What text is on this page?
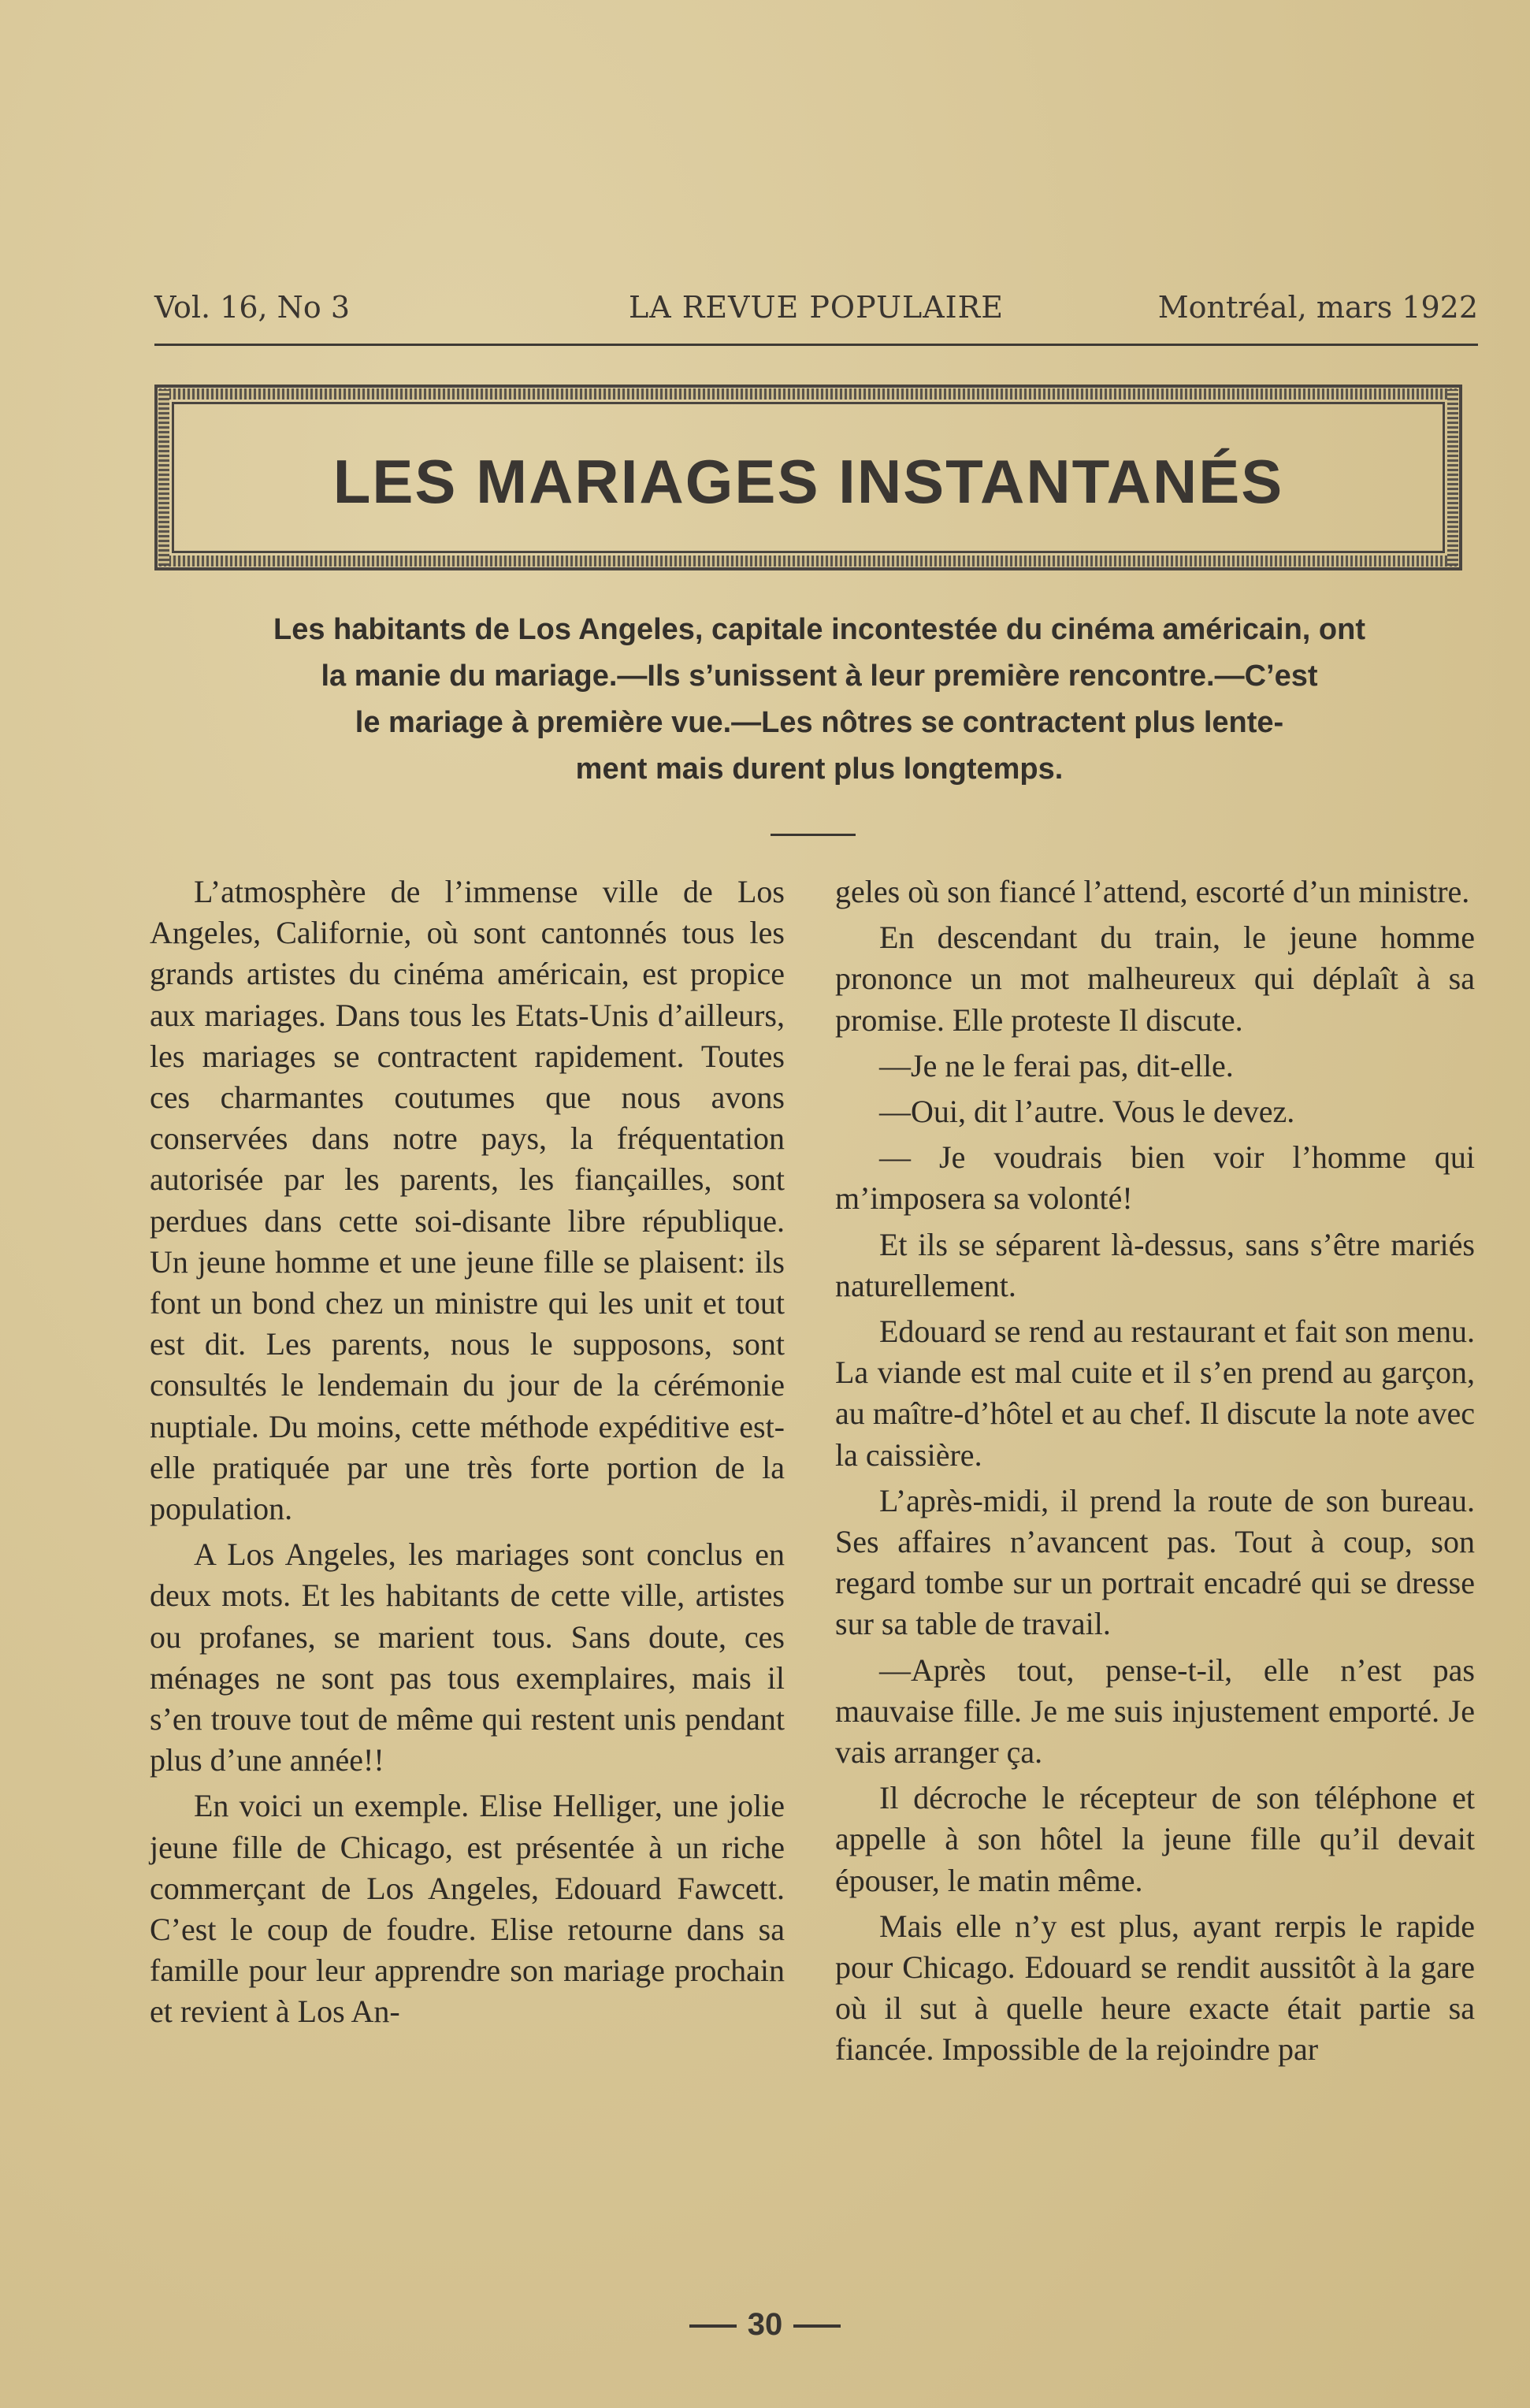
Vol. 16, No 3	LA REVUE POPULAIRE	Montréal, mars 1922
LES MARIAGES INSTANTANÉS
Les habitants de Los Angeles, capitale incontestée du cinéma américain, ont
la manie du mariage.—Ils s’unissent à leur première rencontre.—C’est
le mariage à première vue.—Les nôtres se contractent plus lente-
ment mais durent plus longtemps.

L’atmosphère de l’immense ville de Los Angeles, Californie, où sont cantonnés tous les grands artistes du cinéma américain, est propice aux mariages. Dans tous les Etats-Unis d’ailleurs, les mariages se contractent rapidement. Toutes ces charmantes coutumes que nous avons conservées dans notre pays, la fréquentation autorisée par les parents, les fiançailles, sont perdues dans cette soi-disante libre république. Un jeune homme et une jeune fille se plaisent: ils font un bond chez un ministre qui les unit et tout est dit. Les parents, nous le supposons, sont consultés le lendemain du jour de la cérémonie nuptiale. Du moins, cette méthode expéditive est-elle pratiquée par une très forte portion de la population.

A Los Angeles, les mariages sont conclus en deux mots. Et les habitants de cette ville, artistes ou profanes, se marient tous. Sans doute, ces ménages ne sont pas tous exemplaires, mais il s’en trouve tout de même qui restent unis pendant plus d’une année!!

En voici un exemple. Elise Helliger, une jolie jeune fille de Chicago, est présentée à un riche commerçant de Los Angeles, Edouard Fawcett. C’est le coup de foudre. Elise retourne dans sa famille pour leur apprendre son mariage prochain et revient à Los An-

geles où son fiancé l’attend, escorté d’un ministre.

En descendant du train, le jeune homme prononce un mot malheureux qui déplaît à sa promise. Elle proteste Il discute.

—Je ne le ferai pas, dit-elle.

—Oui, dit l’autre. Vous le devez.

— Je voudrais bien voir l’homme qui m’imposera sa volonté!

Et ils se séparent là-dessus, sans s’être mariés naturellement.

Edouard se rend au restaurant et fait son menu. La viande est mal cuite et il s’en prend au garçon, au maître-d’hôtel et au chef. Il discute la note avec la caissière.

L’après-midi, il prend la route de son bureau. Ses affaires n’avancent pas. Tout à coup, son regard tombe sur un portrait encadré qui se dresse sur sa table de travail.

—Après tout, pense-t-il, elle n’est pas mauvaise fille. Je me suis injustement emporté. Je vais arranger ça.

Il décroche le récepteur de son téléphone et appelle à son hôtel la jeune fille qu’il devait épouser, le matin même.

Mais elle n’y est plus, ayant rerpis le rapide pour Chicago. Edouard se rendit aussitôt à la gare où il sut à quelle heure exacte était partie sa fiancée. Impossible de la rejoindre par

30
